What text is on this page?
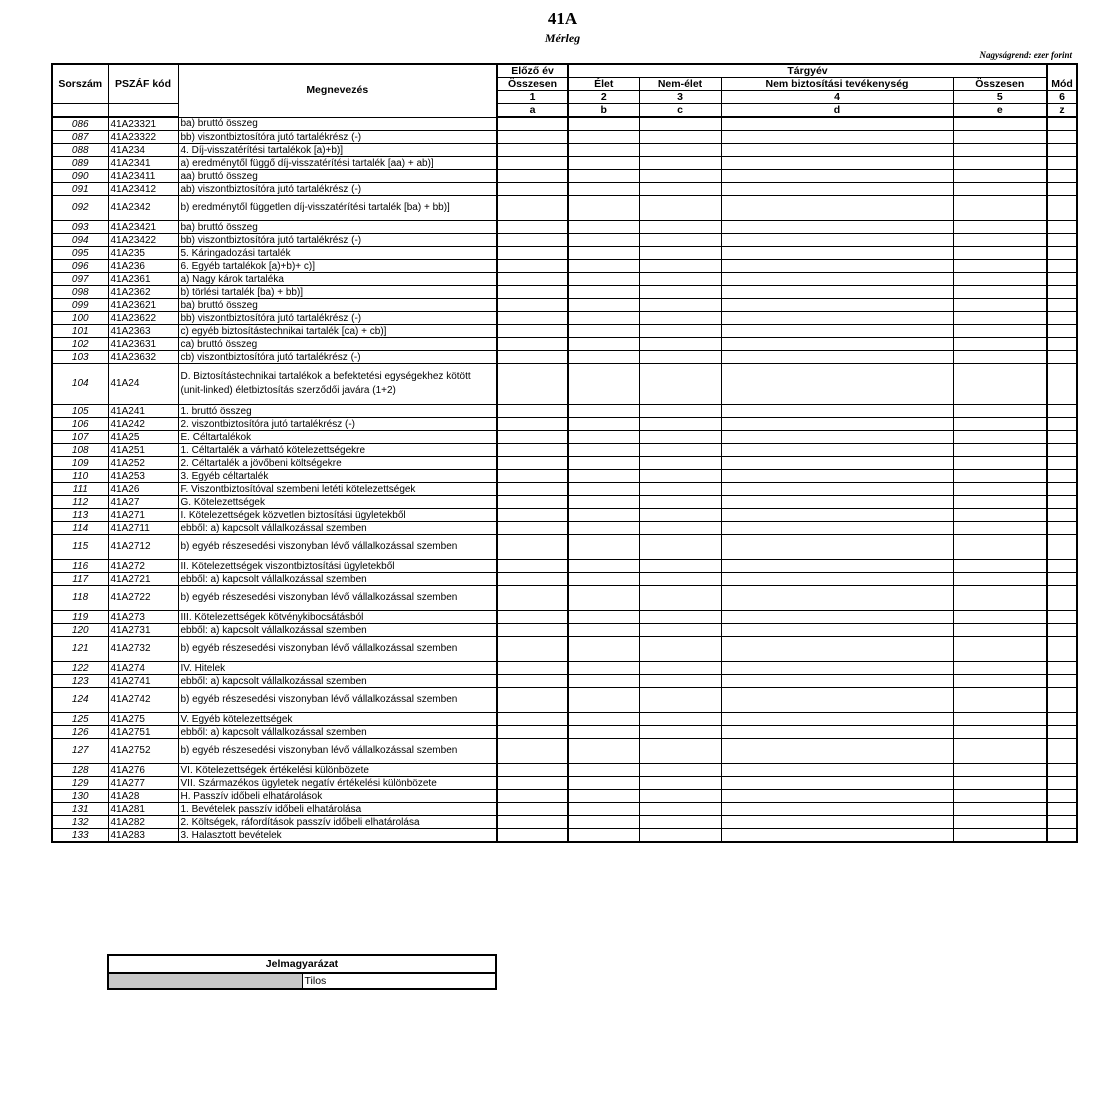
41A
Mérleg
Nagyságrend: ezer forint
Sorszám	PSZÁF kód	Megnevezés	Előző év	Tárgyév				Mód
			Összesen	Élet	Nem-élet	Nem biztosítási tevékenység	Összesen	
			1	2	3	4	5	6
			a	b	c	d	e	z
086	41A23321	ba) bruttó összeg						
087	41A23322	bb) viszontbiztosítóra jutó tartalékrész (-)						
088	41A234	4. Díj-visszatérítési tartalékok [a)+b)]						
089	41A2341	a) eredménytől függő díj-visszatérítési tartalék [aa) + ab)]						
090	41A23411	aa) bruttó összeg						
091	41A23412	ab) viszontbiztosítóra jutó tartalékrész (-)						
092	41A2342	b) eredménytől független díj-visszatérítési tartalék [ba) + bb)]						
093	41A23421	ba) bruttó összeg						
094	41A23422	bb) viszontbiztosítóra jutó tartalékrész (-)						
095	41A235	5. Káringadozási tartalék						
096	41A236	6. Egyéb tartalékok [a)+b)+ c)]						
097	41A2361	a) Nagy károk tartaléka						
098	41A2362	b) törlési tartalék [ba) + bb)]						
099	41A23621	ba) bruttó összeg						
100	41A23622	bb) viszontbiztosítóra jutó tartalékrész (-)						
101	41A2363	c) egyéb biztosítástechnikai tartalék [ca) + cb)]						
102	41A23631	ca) bruttó összeg						
103	41A23632	cb) viszontbiztosítóra jutó tartalékrész (-)						
104	41A24	D. Biztosítástechnikai tartalékok a befektetési egységekhez kötött (unit-linked) életbiztosítás szerződői javára (1+2)						
105	41A241	1. bruttó összeg						
106	41A242	2. viszontbiztosítóra jutó tartalékrész (-)						
107	41A25	E. Céltartalékok						
108	41A251	1. Céltartalék a várható kötelezettségekre						
109	41A252	2. Céltartalék a jövőbeni költségekre						
110	41A253	3. Egyéb céltartalék						
111	41A26	F. Viszontbiztosítóval szembeni letéti kötelezettségek						
112	41A27	G. Kötelezettségek						
113	41A271	I. Kötelezettségek közvetlen biztosítási ügyletekből						
114	41A2711	ebből: a) kapcsolt vállalkozással szemben						
115	41A2712	b) egyéb részesedési viszonyban lévő vállalkozással szemben						
116	41A272	II. Kötelezettségek viszontbiztosítási ügyletekből						
117	41A2721	ebből: a) kapcsolt vállalkozással szemben						
118	41A2722	b) egyéb részesedési viszonyban lévő vállalkozással szemben						
119	41A273	III. Kötelezettségek kötvénykibocsátásból						
120	41A2731	ebből: a) kapcsolt vállalkozással szemben						
121	41A2732	b) egyéb részesedési viszonyban lévő vállalkozással szemben						
122	41A274	IV. Hitelek						
123	41A2741	ebből: a) kapcsolt vállalkozással szemben						
124	41A2742	b) egyéb részesedési viszonyban lévő vállalkozással szemben						
125	41A275	V. Egyéb kötelezettségek						
126	41A2751	ebből: a) kapcsolt vállalkozással szemben						
127	41A2752	b) egyéb részesedési viszonyban lévő vállalkozással szemben						
128	41A276	VI. Kötelezettségek értékelési különbözete						
129	41A277	VII. Származékos ügyletek negatív értékelési különbözete						
130	41A28	H. Passzív időbeli elhatárolások						
131	41A281	1. Bevételek passzív időbeli elhatárolása						
132	41A282	2. Költségek, ráfordítások passzív időbeli elhatárolása						
133	41A283	3. Halasztott bevételek						
Jelmagyarázat
	Tilos
